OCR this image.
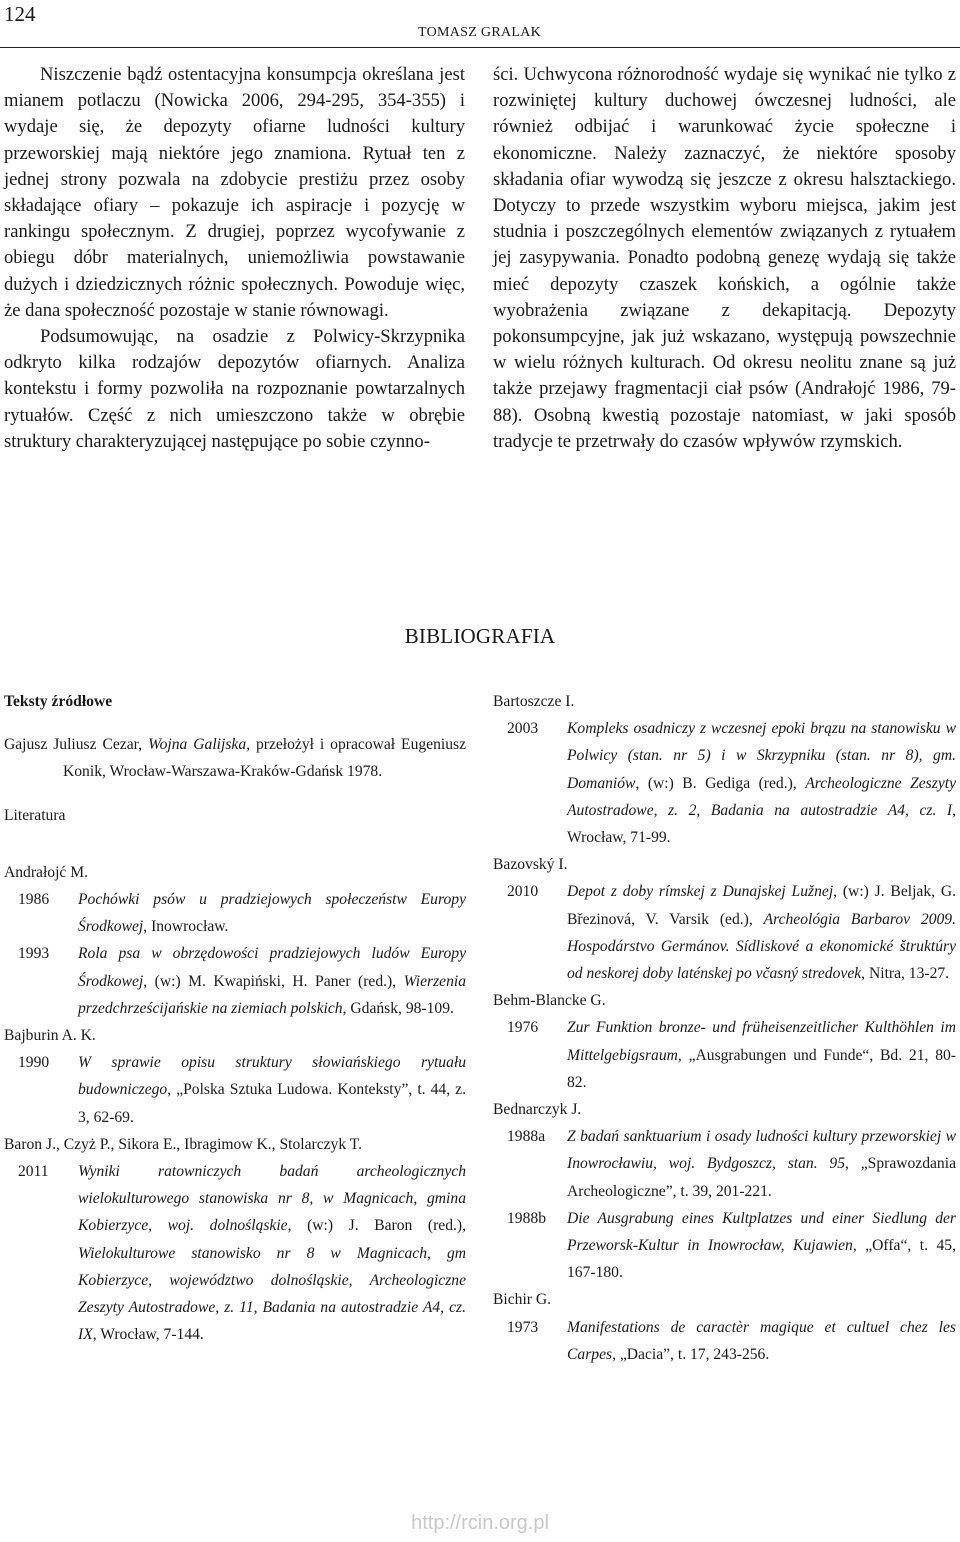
124
TOMASZ GRALAK

Niszczenie bądź ostentacyjna konsumpcja określana jest mianem potlaczu (Nowicka 2006, 294-295, 354-355) i wydaje się, że depozyty ofiarne ludności kultury przeworskiej mają niektóre jego znamiona. Rytuał ten z jednej strony pozwala na zdobycie prestiżu przez osoby składające ofiary – pokazuje ich aspiracje i pozycję w rankingu społecznym. Z drugiej, poprzez wycofywanie z obiegu dóbr materialnych, uniemożliwia powstawanie dużych i dziedzicznych różnic społecznych. Powoduje więc, że dana społeczność pozostaje w stanie równowagi.

Podsumowując, na osadzie z Polwicy-Skrzypnika odkryto kilka rodzajów depozytów ofiarnych. Analiza kontekstu i formy pozwoliła na rozpoznanie powtarzalnych rytuałów. Część z nich umieszczono także w obrębie struktury charakteryzującej następujące po sobie czynno-

ści. Uchwycona różnorodność wydaje się wynikać nie tylko z rozwiniętej kultury duchowej ówczesnej ludności, ale również odbijać i warunkować życie społeczne i ekonomiczne. Należy zaznaczyć, że niektóre sposoby składania ofiar wywodzą się jeszcze z okresu halsztackiego. Dotyczy to przede wszystkim wyboru miejsca, jakim jest studnia i poszczególnych elementów związanych z rytuałem jej zasypywania. Ponadto podobną genezę wydają się także mieć depozyty czaszek końskich, a ogólnie także wyobrażenia związane z dekapitacją. Depozyty pokonsumpcyjne, jak już wskazano, występują powszechnie w wielu różnych kulturach. Od okresu neolitu znane są już także przejawy fragmentacji ciał psów (Andrałojć 1986, 79-88). Osobną kwestią pozostaje natomiast, w jaki sposób tradycje te przetrwały do czasów wpływów rzymskich.

BIBLIOGRAFIA

Teksty źródłowe

Gajusz Juliusz Cezar, Wojna Galijska, przełożył i opracował Eugeniusz Konik, Wrocław-Warszawa-Kraków-Gdańsk 1978.

Literatura

Andrałojć M.

1986	Pochówki psów u pradziejowych społeczeństw Europy Środkowej, Inowrocław.
1993	Rola psa w obrzędowości pradziejowych ludów Europy Środkowej, (w:) M. Kwapiński, H. Paner (red.), Wierzenia przedchrześcijańskie na ziemiach polskich, Gdańsk, 98-109.

Bajburin A. K.

1990	W sprawie opisu struktury słowiańskiego rytuału budowniczego, „Polska Sztuka Ludowa. Konteksty”, t. 44, z. 3, 62-69.

Baron J., Czyż P., Sikora E., Ibragimow K., Stolarczyk T.

2011	Wyniki ratowniczych badań archeologicznych wielokulturowego stanowiska nr 8, w Magnicach, gmina Kobierzyce, woj. dolnośląskie, (w:) J. Baron (red.), Wielokulturowe stanowisko nr 8 w Magnicach, gm Kobierzyce, województwo dolnośląskie, Archeologiczne Zeszyty Autostradowe, z. 11, Badania na autostradzie A4, cz. IX, Wrocław, 7-144.

Bartoszcze I.

2003	Kompleks osadniczy z wczesnej epoki brązu na stanowisku w Polwicy (stan. nr 5) i w Skrzypniku (stan. nr 8), gm. Domaniów, (w:) B. Gediga (red.), Archeologiczne Zeszyty Autostradowe, z. 2, Badania na autostradzie A4, cz. I, Wrocław, 71-99.

Bazovský I.

2010	Depot z doby rímskej z Dunajskej Lužnej, (w:) J. Beljak, G. Březinová, V. Varsik (ed.), Archeológia Barbarov 2009. Hospodárstvo Germánov. Sídliskové a ekonomické štruktúry od neskorej doby laténskej po včasný stredovek, Nitra, 13-27.

Behm-Blancke G.

1976	Zur Funktion bronze- und früheisenzeitlicher Kulthöhlen im Mittelgebigsraum, „Ausgrabungen und Funde“, Bd. 21, 80-82.

Bednarczyk J.

1988a	Z badań sanktuarium i osady ludności kultury przeworskiej w Inowrocławiu, woj. Bydgoszcz, stan. 95, „Sprawozdania Archeologiczne”, t. 39, 201-221.
1988b	Die Ausgrabung eines Kultplatzes und einer Siedlung der Przeworsk-Kultur in Inowrocław, Kujawien, „Offa“, t. 45, 167-180.

Bichir G.

1973	Manifestations de caractèr magique et cultuel chez les Carpes, „Dacia”, t. 17, 243-256.
http://rcin.org.pl
